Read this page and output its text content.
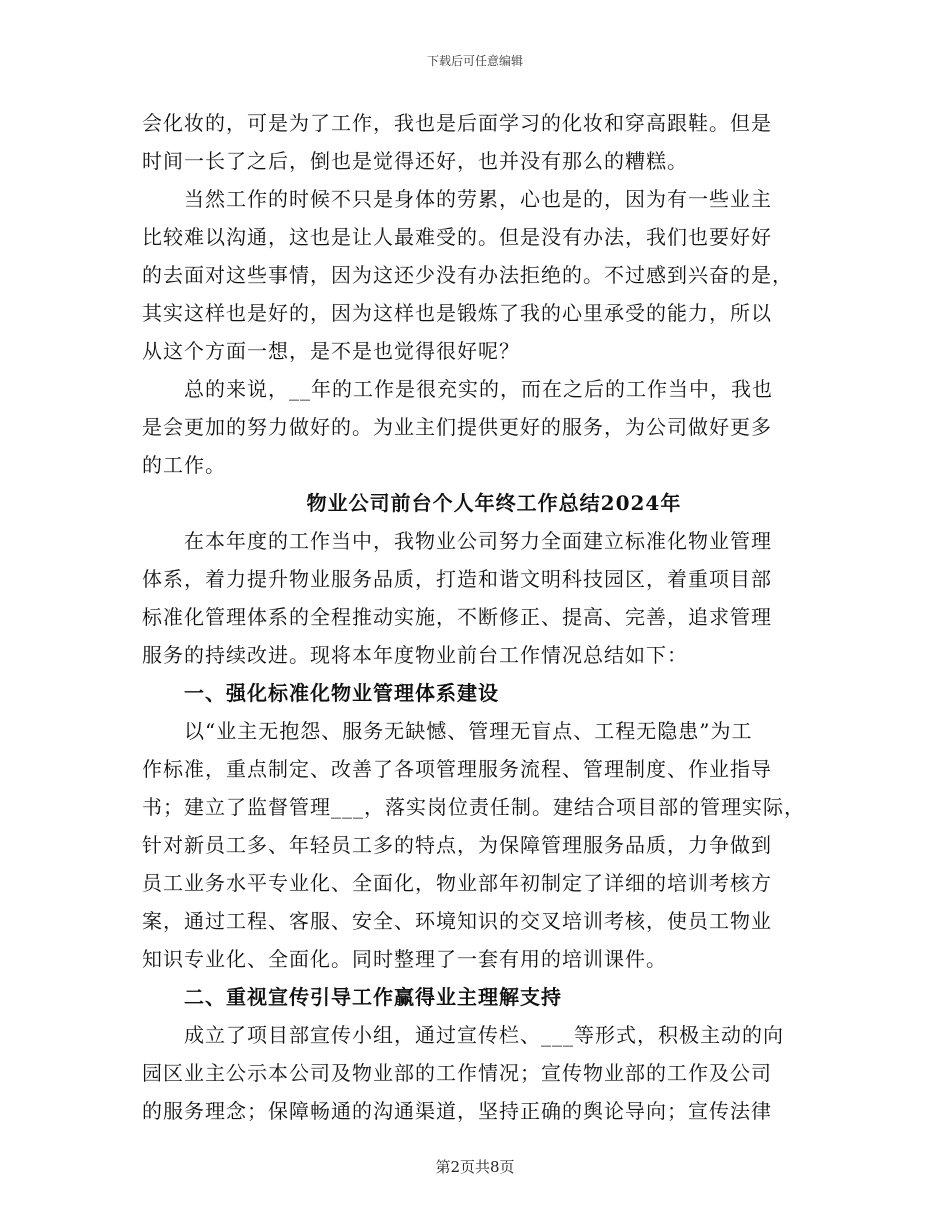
下载后可任意编辑
会化妆的，可是为了工作，我也是后面学习的化妆和穿高跟鞋。但是
时间一长了之后，倒也是觉得还好，也并没有那么的糟糕。
当然工作的时候不只是身体的劳累，心也是的，因为有一些业主
比较难以沟通，这也是让人最难受的。但是没有办法，我们也要好好
的去面对这些事情，因为这还少没有办法拒绝的。不过感到兴奋的是，
其实这样也是好的，因为这样也是锻炼了我的心里承受的能力，所以
从这个方面一想，是不是也觉得很好呢？
总的来说，__年的工作是很充实的，而在之后的工作当中，我也
是会更加的努力做好的。为业主们提供更好的服务，为公司做好更多
的工作。
物业公司前台个人年终工作总结2024年
在本年度的工作当中，我物业公司努力全面建立标准化物业管理
体系，着力提升物业服务品质，打造和谐文明科技园区，着重项目部
标准化管理体系的全程推动实施，不断修正、提高、完善，追求管理
服务的持续改进。现将本年度物业前台工作情况总结如下：
一、强化标准化物业管理体系建设
以“业主无抱怨、服务无缺憾、管理无盲点、工程无隐患”为工
作标准，重点制定、改善了各项管理服务流程、管理制度、作业指导
书；建立了监督管理___，落实岗位责任制。建结合项目部的管理实际，
针对新员工多、年轻员工多的特点，为保障管理服务品质，力争做到
员工业务水平专业化、全面化，物业部年初制定了详细的培训考核方
案，通过工程、客服、安全、环境知识的交叉培训考核，使员工物业
知识专业化、全面化。同时整理了一套有用的培训课件。
二、重视宣传引导工作赢得业主理解支持
成立了项目部宣传小组，通过宣传栏、___等形式，积极主动的向
园区业主公示本公司及物业部的工作情况；宣传物业部的工作及公司
的服务理念；保障畅通的沟通渠道，坚持正确的舆论导向；宣传法律
第2页共8页
